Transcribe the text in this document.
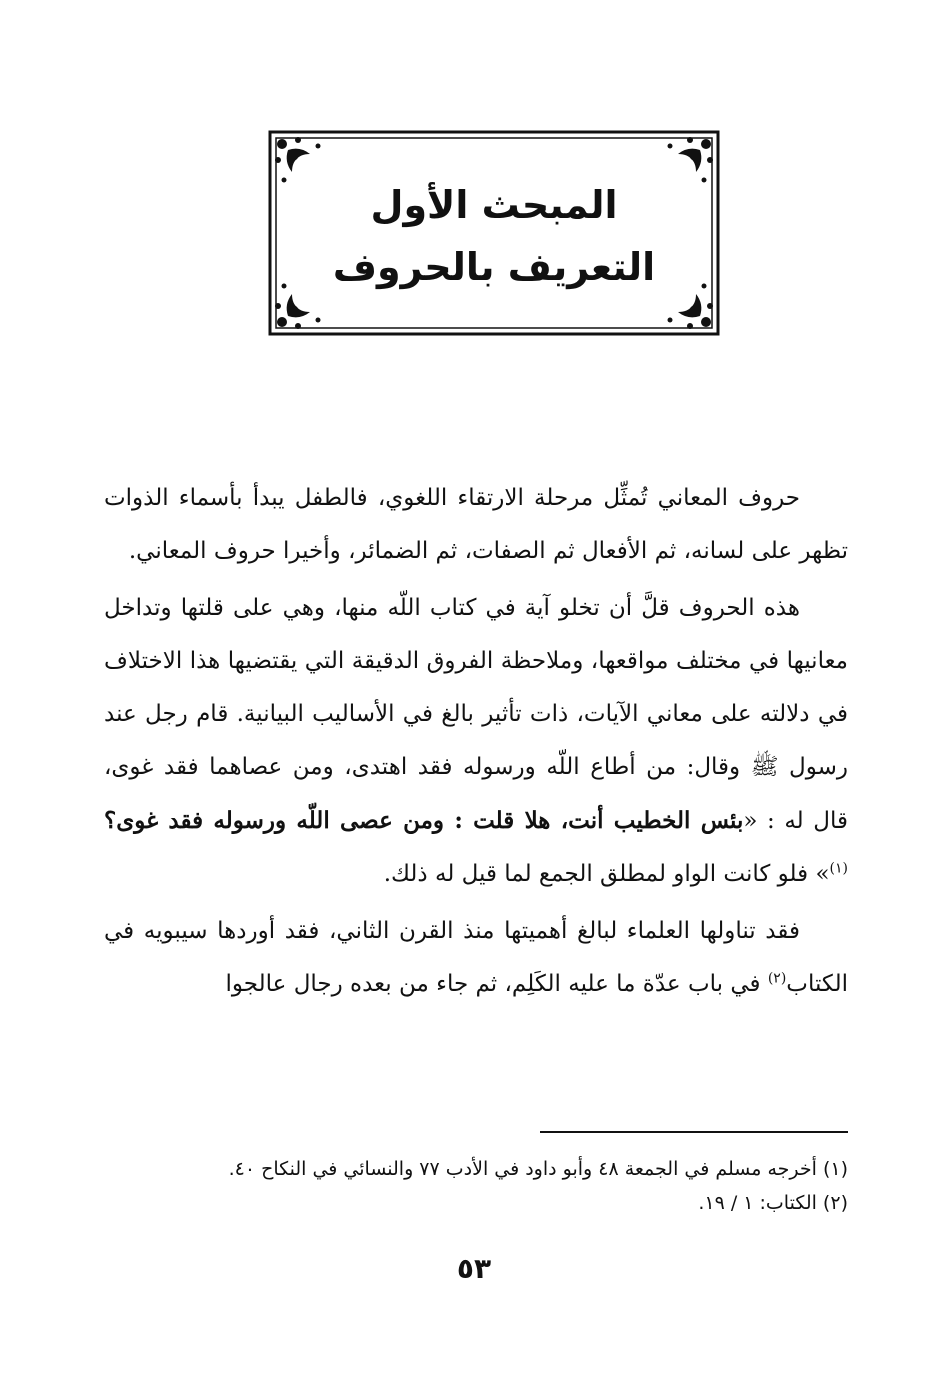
المبحث الأول
التعريف بالحروف

حروف المعاني تُمثِّل مرحلة الارتقاء اللغوي، فالطفل يبدأ بأسماء الذوات تظهر على لسانه، ثم الأفعال ثم الصفات، ثم الضمائر، وأخيرا حروف المعاني.

هذه الحروف قلَّ أن تخلو آية في كتاب اللّه منها، وهي على قلتها وتداخل معانيها في مختلف مواقعها، وملاحظة الفروق الدقيقة التي يقتضيها هذا الاختلاف في دلالته على معاني الآيات، ذات تأثير بالغ في الأساليب البيانية. قام رجل عند رسول ﷺ وقال: من أطاع اللّه ورسوله فقد اهتدى، ومن عصاهما فقد غوى، قال له : «بئس الخطيب أنت، هلا قلت : ومن عصى اللّه ورسوله فقد غوى؟$^{(١)}$» فلو كانت الواو لمطلق الجمع لما قيل له ذلك.

فقد تناولها العلماء لبالغ أهميتها منذ القرن الثاني، فقد أوردها سيبويه في الكتاب$^{(٢)}$ في باب عدّة ما عليه الكَلِم، ثم جاء من بعده رجال عالجوا

(١) أخرجه مسلم في الجمعة ٤٨ وأبو داود في الأدب ٧٧ والنسائي في النكاح ٤٠.
(٢) الكتاب: ١ / ١٩.
٥٣
